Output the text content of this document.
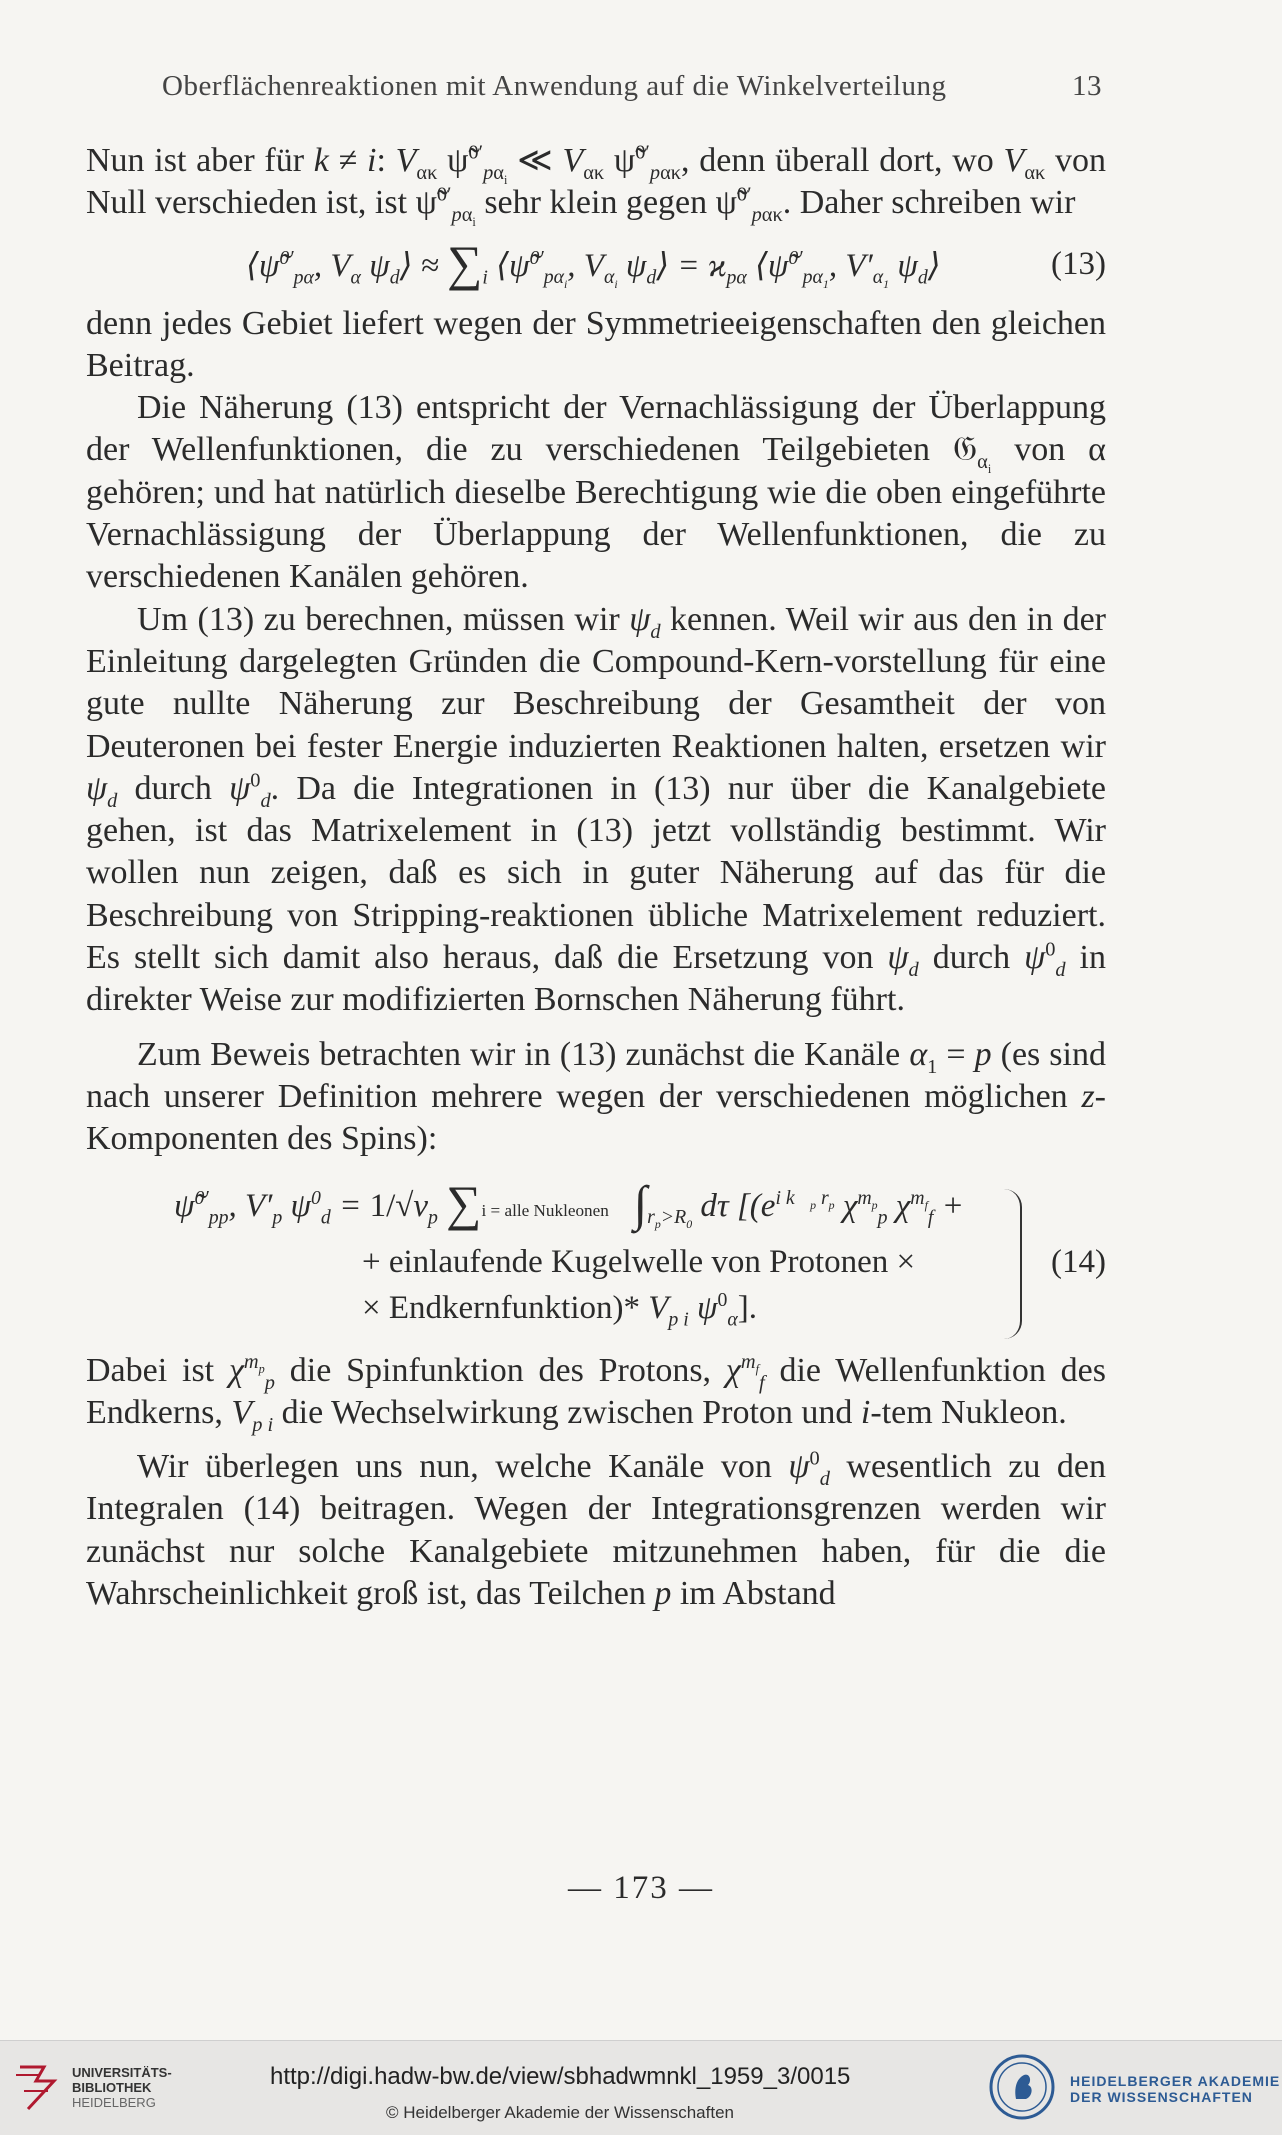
Oberflächenreaktionen mit Anwendung auf die Winkelverteilung	13

Nun ist aber für k ≠ i: $V_{\alpha\kappa}$ ψ̃$^{0'}_{p\alpha_i}$ ≪ $V_{\alpha\kappa}$ ψ̃$^{0'}_{p\alpha\kappa}$, denn überall dort, wo $V_{\alpha\kappa}$ von Null verschieden ist, ist ψ̃$^{0'}_{p\alpha_i}$ sehr klein gegen ψ̃$^{0'}_{p\alpha\kappa}$. Daher schreiben wir

⟨ψ̃$^{0'}_{p\alpha}$, $V_\alpha$ $\psi_d⟩ \approx \sum_i$ ⟨ψ̃$^{0'}_{p\alpha_i}$, $V_{\alpha_i}$ $\psi_d⟩ = ϰ_{p\alpha}$ ⟨ψ̃$^{0'}_{p\alpha_1}$, $V'_{\alpha_1}$ $\psi_d⟩$	(13)

denn jedes Gebiet liefert wegen der Symmetrieeigenschaften den gleichen Beitrag.

Die Näherung (13) entspricht der Vernachlässigung der Überlappung der Wellenfunktionen, die zu verschiedenen Teilgebieten 𝔊$_{\alpha_i}$ von α gehören; und hat natürlich dieselbe Berechtigung wie die oben eingeführte Vernachlässigung der Überlappung der Wellenfunktionen, die zu verschiedenen Kanälen gehören.

Um (13) zu berechnen, müssen wir $\psi_d$ kennen. Weil wir aus den in der Einleitung dargelegten Gründen die Compound-Kern-vorstellung für eine gute nullte Näherung zur Beschreibung der Gesamtheit der von Deuteronen bei fester Energie induzierten Reaktionen halten, ersetzen wir $\psi_d$ durch $\psi^0_d$. Da die Integrationen in (13) nur über die Kanalgebiete gehen, ist das Matrixelement in (13) jetzt vollständig bestimmt. Wir wollen nun zeigen, daß es sich in guter Näherung auf das für die Beschreibung von Stripping-reaktionen übliche Matrixelement reduziert. Es stellt sich damit also heraus, daß die Ersetzung von $\psi_d$ durch $\psi^0_d$ in direkter Weise zur modifizierten Bornschen Näherung führt.

Zum Beweis betrachten wir in (13) zunächst die Kanäle $\alpha_1 = p$ (es sind nach unserer Definition mehrere wegen der verschiedenen möglichen z-Komponenten des Spins):

ψ̃$^{0'}_{pp}$, $V'_p$ $\psi^0_d = 1/√v_p$ ∑i = alle Nukleonen $\int_{r_p>R_0}$ dτ [($e^{i k⃗_p r_p}$ $\chi^{m_p}_p$ $\chi^{m_f}_f$ +
+ einlaufende Kugelwelle von Protonen ×
× Endkernfunktion)* $V_{p i}$ $\psi^0_\alpha$].
(14)

Dabei ist $\chi^{m_p}_p$ die Spinfunktion des Protons, $\chi^{m_f}_f$ die Wellenfunktion des Endkerns, $V_{p i}$ die Wechselwirkung zwischen Proton und i-tem Nukleon.

Wir überlegen uns nun, welche Kanäle von $\psi^0_d$ wesentlich zu den Integralen (14) beitragen. Wegen der Integrationsgrenzen werden wir zunächst nur solche Kanalgebiete mitzunehmen haben, für die die Wahrscheinlichkeit groß ist, das Teilchen p im Abstand

— 173 —
UNIVERSITÄTS-
BIBLIOTHEK
HEIDELBERG
http://digi.hadw-bw.de/view/sbhadwmnkl_1959_3/0015
© Heidelberger Akademie der Wissenschaften
HEIDELBERGER AKADEMIE
DER WISSENSCHAFTEN
